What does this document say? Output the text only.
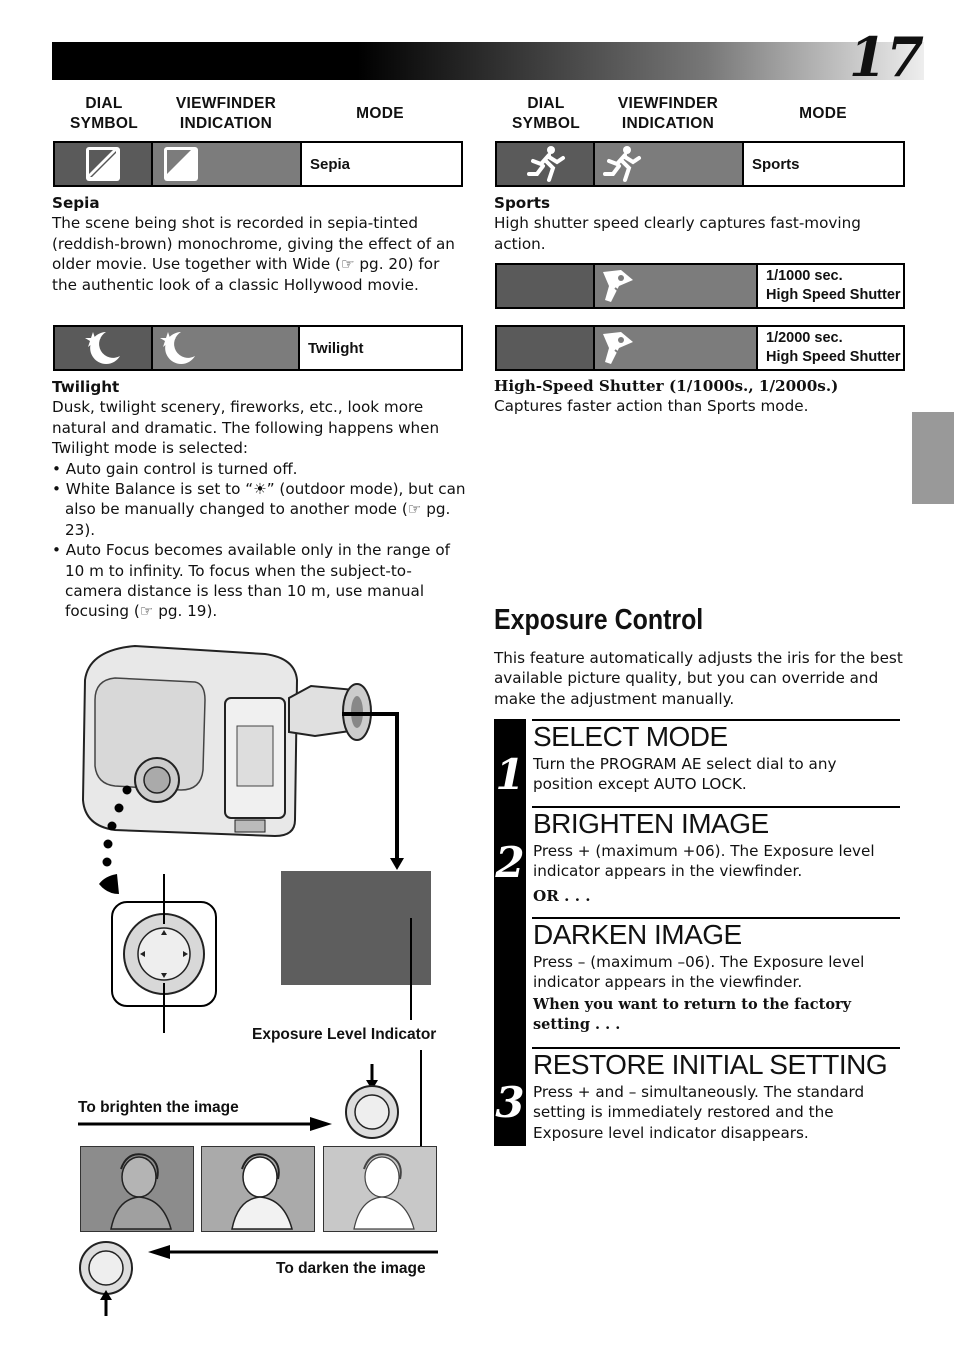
17
DIAL
SYMBOL
VIEWFINDER
INDICATION
MODE
Sepia
Sepia
The scene being shot is recorded in sepia-tinted (reddish-brown) monochrome, giving the effect of an older movie. Use together with Wide (☞ pg. 20) for the authentic look of a classic Hollywood movie.
Twilight
Twilight
Dusk, twilight scenery, fireworks, etc., look more natural and dramatic. The following happens when Twilight mode is selected:
• Auto gain control is turned off.
• White Balance is set to “☀” (outdoor mode), but can also be manually changed to another mode (☞ pg. 23).
• Auto Focus becomes available only in the range of 10 m to infinity. To focus when the subject-to-camera distance is less than 10 m, use manual focusing (☞ pg. 19).
DIAL
SYMBOL
VIEWFINDER
INDICATION
MODE
Sports
Sports
High shutter speed clearly captures fast-moving action.
1/1000 sec.
High Speed Shutter
1/2000 sec.
High Speed Shutter
High-Speed Shutter (1/1000s., 1/2000s.)
Captures faster action than Sports mode.
Exposure Control
This feature automatically adjusts the iris for the best available picture quality, but you can override and make the adjustment manually.
1
2
3
SELECT MODE
Turn the PROGRAM AE select dial to any position except AUTO LOCK.
BRIGHTEN IMAGE
Press + (maximum +06). The Exposure level indicator appears in the viewfinder.
OR . . .
DARKEN IMAGE
Press – (maximum –06). The Exposure level indicator appears in the viewfinder.
When you want to return to the factory setting . . .
RESTORE INITIAL SETTING
Press + and – simultaneously. The standard setting is immediately restored and the Exposure level indicator disappears.
Exposure Level Indicator
To brighten the image
To darken the image
